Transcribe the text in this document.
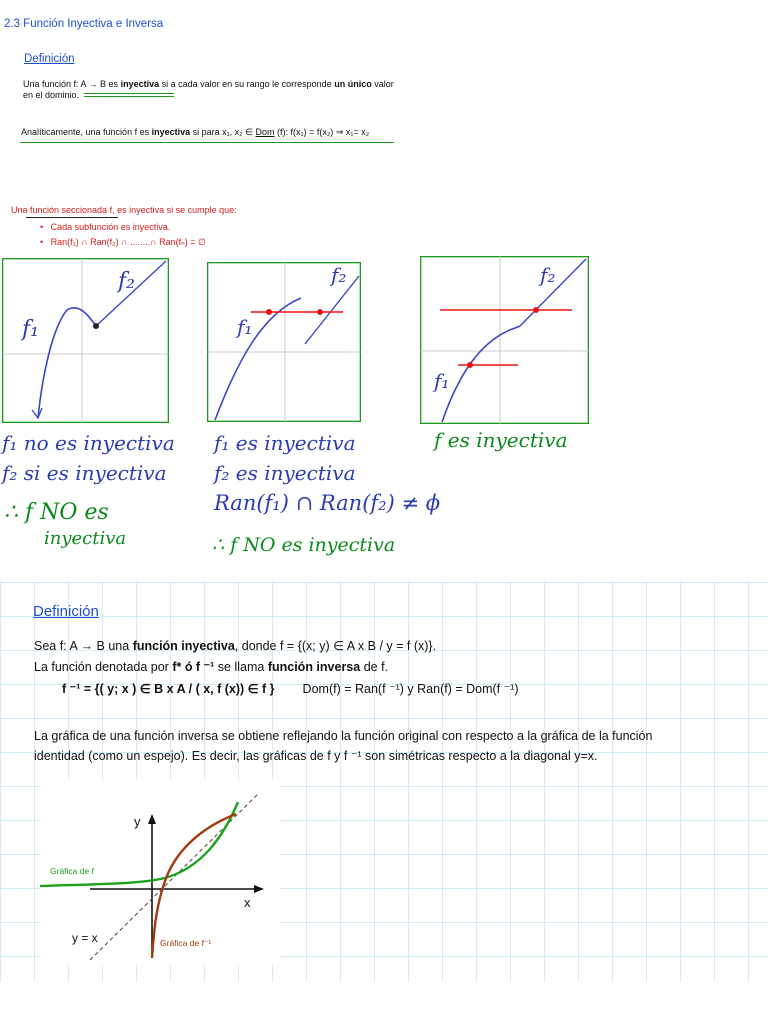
2.3 Función Inyectiva e Inversa
Definición
Una función f: A → B es inyectiva si a cada valor en su rango le corresponde un único valor
en el dominio.
Analíticamente, una función f es inyectiva si para x₁, x₂ ∈ Dom (f): f(x₁) = f(x₂) ⇒ x₁= x₂
Una función seccionada f, es inyectiva si se cumple que:
•   Cada subfunción es inyectiva.
•   Ran(f₁) ∩ Ran(f₂) ∩ ........∩ Ran(fₙ) = ∅
f₁
f₂
f₁
f₂
f₁
f₂
f₁ no es inyectiva
f₂ si es inyectiva
∴ f NO es
inyectiva
f₁ es inyectiva
f₂ es inyectiva
Ran(f₁) ∩ Ran(f₂) ≠ ϕ
∴ f NO es inyectiva
f es inyectiva
Definición
Sea f: A → B una función inyectiva, donde f = {(x; y) ∈ A x B / y = f (x)}.
La función denotada por f* ó f ⁻¹ se llama función inversa de f.
f ⁻¹ = {( y; x ) ∈ B x A / ( x, f (x)) ∈ f } Dom(f) = Ran(f ⁻¹) y Ran(f) = Dom(f ⁻¹)
La gráfica de una función inversa se obtiene reflejando la función original con respecto a la gráfica de la función
identidad (como un espejo). Es decir, las gráficas de f y f ⁻¹ son simétricas respecto a la diagonal y=x.
y
x
Gráfica de f
Gráfica de f⁻¹
y = x
